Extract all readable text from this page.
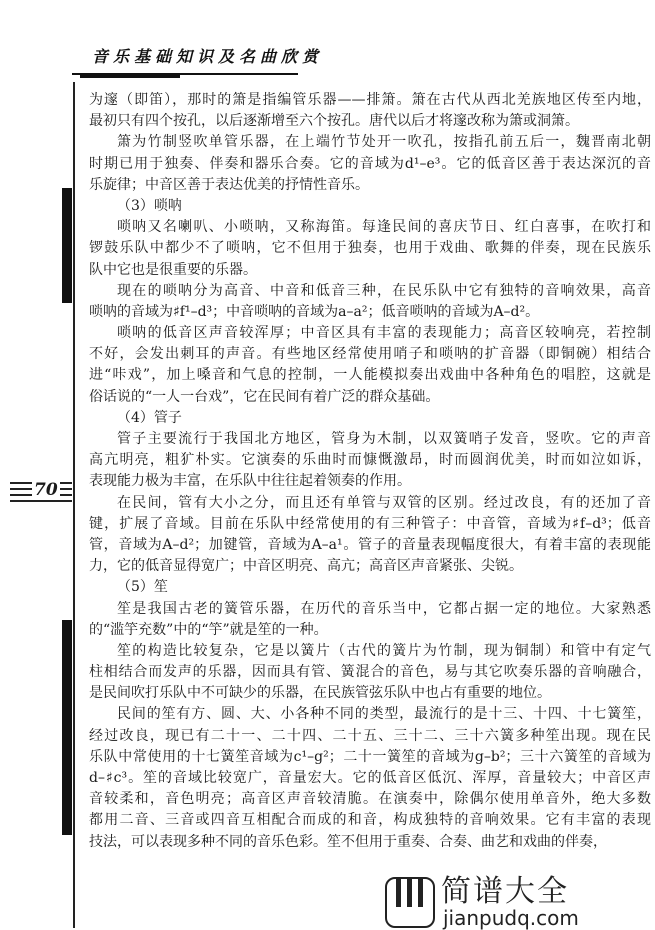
音乐基础知识及名曲欣赏
70
为邃（即笛），那时的箫是指编管乐器——排箫。箫在古代从西北羌族地区传至内地，
最初只有四个按孔，以后逐渐增至六个按孔。唐代以后才将邃改称为箫或洞箫。
箫为竹制竖吹单管乐器，在上端竹节处开一吹孔，按指孔前五后一，魏晋南北朝
时期已用于独奏、伴奏和器乐合奏。它的音域为d¹–e³。它的低音区善于表达深沉的音
乐旋律；中音区善于表达优美的抒情性音乐。
（3）唢呐
唢呐又名喇叭、小唢呐，又称海笛。每逢民间的喜庆节日、红白喜事，在吹打和
锣鼓乐队中都少不了唢呐，它不但用于独奏，也用于戏曲、歌舞的伴奏，现在民族乐
队中它也是很重要的乐器。
现在的唢呐分为高音、中音和低音三种，在民乐队中它有独特的音响效果，高音
唢呐的音域为♯f¹–d³；中音唢呐的音域为a–a²；低音唢呐的音域为A–d²。
唢呐的低音区声音较浑厚；中音区具有丰富的表现能力；高音区较响亮，若控制
不好，会发出刺耳的声音。有些地区经常使用哨子和唢呐的扩音器（即铜碗）相结合
进“咔戏”，加上嗓音和气息的控制，一人能模拟奏出戏曲中各种角色的唱腔，这就是
俗话说的“一人一台戏”，它在民间有着广泛的群众基础。
（4）管子
管子主要流行于我国北方地区，管身为木制，以双簧哨子发音，竖吹。它的声音
高亢明亮，粗犷朴实。它演奏的乐曲时而慷慨激昂，时而圆润优美，时而如泣如诉，
表现能力极为丰富，在乐队中往往起着领奏的作用。
在民间，管有大小之分，而且还有单管与双管的区别。经过改良，有的还加了音
键，扩展了音域。目前在乐队中经常使用的有三种管子：中音管，音域为♯f–d³；低音
管，音域为A–d²；加键管，音域为A–a¹。管子的音量表现幅度很大，有着丰富的表现能
力，它的低音显得宽广；中音区明亮、高亢；高音区声音紧张、尖锐。
（5）笙
笙是我国古老的簧管乐器，在历代的音乐当中，它都占据一定的地位。大家熟悉
的“滥竽充数”中的“竽”就是笙的一种。
笙的构造比较复杂，它是以簧片（古代的簧片为竹制，现为铜制）和管中有定气
柱相结合而发声的乐器，因而具有管、簧混合的音色，易与其它吹奏乐器的音响融合，
是民间吹打乐队中不可缺少的乐器，在民族管弦乐队中也占有重要的地位。
民间的笙有方、圆、大、小各种不同的类型，最流行的是十三、十四、十七簧笙，
经过改良，现已有二十一、二十四、二十五、三十二、三十六簧多种笙出现。现在民
乐队中常使用的十七簧笙音域为c¹–g²；二十一簧笙的音域为g–b²；三十六簧笙的音域为
d–♯c³。笙的音域比较宽广，音量宏大。它的低音区低沉、浑厚，音量较大；中音区声
音较柔和，音色明亮；高音区声音较清脆。在演奏中，除偶尔使用单音外，绝大多数
都用二音、三音或四音互相配合而成的和音，构成独特的音响效果。它有丰富的表现
技法，可以表现多种不同的音乐色彩。笙不但用于重奏、合奏、曲艺和戏曲的伴奏，
简谱大全
jianpudq.com
